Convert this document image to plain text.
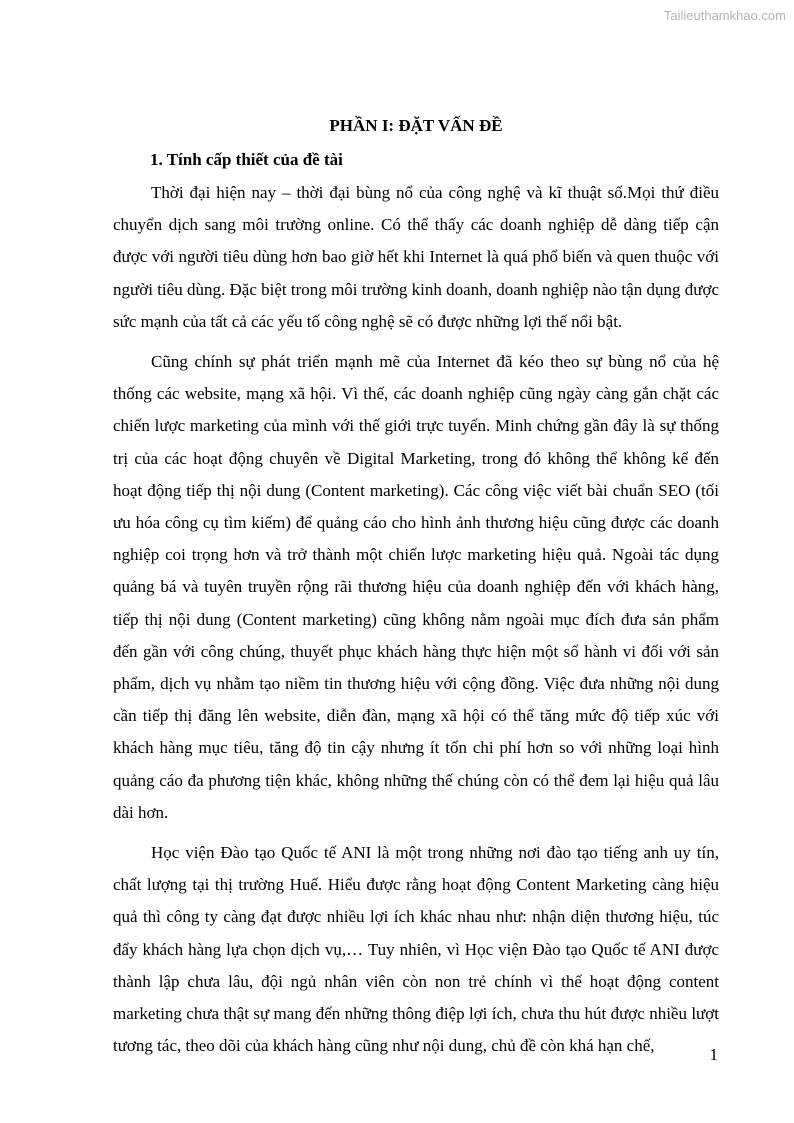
Tailieuthamkhao.com
PHẦN I: ĐẶT VẤN ĐỀ
1. Tính cấp thiết của đề tài

Thời đại hiện nay – thời đại bùng nổ của công nghệ và kĩ thuật số.Mọi thứ điều chuyển dịch sang môi trường online. Có thể thấy các doanh nghiệp dễ dàng tiếp cận được với người tiêu dùng hơn bao giờ hết khi Internet là quá phổ biến và quen thuộc với người tiêu dùng. Đặc biệt trong môi trường kinh doanh, doanh nghiệp nào tận dụng được sức mạnh của tất cả các yếu tố công nghệ sẽ có được những lợi thế nổi bật.

Cũng chính sự phát triển mạnh mẽ của Internet đã kéo theo sự bùng nổ của hệ thống các website, mạng xã hội. Vì thế, các doanh nghiệp cũng ngày càng gắn chặt các chiến lược marketing của mình với thế giới trực tuyến. Minh chứng gần đây là sự thống trị của các hoạt động chuyên về Digital Marketing, trong đó không thể không kể đến hoạt động tiếp thị nội dung (Content marketing). Các công việc viết bài chuẩn SEO (tối ưu hóa công cụ tìm kiếm) để quảng cáo cho hình ảnh thương hiệu cũng được các doanh nghiệp coi trọng hơn và trở thành một chiến lược marketing hiệu quả. Ngoài tác dụng quảng bá và tuyên truyền rộng rãi thương hiệu của doanh nghiệp đến với khách hàng, tiếp thị nội dung (Content marketing) cũng không nằm ngoài mục đích đưa sản phẩm đến gần với công chúng, thuyết phục khách hàng thực hiện một số hành vi đối với sản phẩm, dịch vụ nhằm tạo niềm tin thương hiệu với cộng đồng. Việc đưa những nội dung cần tiếp thị đăng lên website, diễn đàn, mạng xã hội có thể tăng mức độ tiếp xúc với khách hàng mục tiêu, tăng độ tin cậy nhưng ít tốn chi phí hơn so với những loại hình quảng cáo đa phương tiện khác, không những thế chúng còn có thể đem lại hiệu quả lâu dài hơn.

Học viện Đào tạo Quốc tế ANI là một trong những nơi đào tạo tiếng anh uy tín, chất lượng tại thị trường Huế. Hiểu được rằng hoạt động Content Marketing càng hiệu quả thì công ty càng đạt được nhiều lợi ích khác nhau như: nhận diện thương hiệu, túc đẩy khách hàng lựa chọn dịch vụ,… Tuy nhiên, vì Học viện Đào tạo Quốc tế ANI được thành lập chưa lâu, đội ngủ nhân viên còn non trẻ chính vì thế hoạt động content marketing chưa thật sự mang đến những thông điệp lợi ích, chưa thu hút được nhiều lượt tương tác, theo dõi của khách hàng cũng như nội dung, chủ đề còn khá hạn chế,	1
